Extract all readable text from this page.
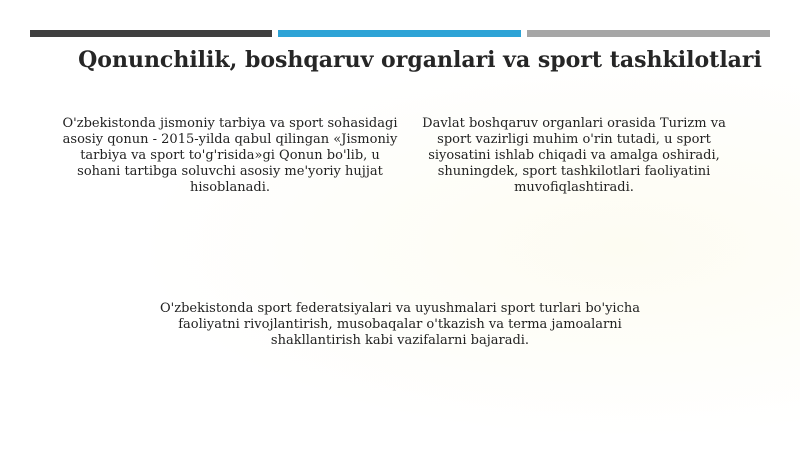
Qonunchilik, boshqaruv organlari va sport tashkilotlari
O'zbekistonda jismoniy tarbiya va sport sohasidagi asosiy qonun - 2015-yilda qabul qilingan «Jismoniy tarbiya va sport to'g'risida»gi Qonun bo'lib, u sohani tartibga soluvchi asosiy me'yoriy hujjat hisoblanadi.
Davlat boshqaruv organlari orasida Turizm va sport vazirligi muhim o'rin tutadi, u sport siyosatini ishlab chiqadi va amalga oshiradi, shuningdek, sport tashkilotlari faoliyatini muvofiqlashtiradi.
O'zbekistonda sport federatsiyalari va uyushmalari sport turlari bo'yicha faoliyatni rivojlantirish, musobaqalar o'tkazish va terma jamoalarni shakllantirish kabi vazifalarni bajaradi.
